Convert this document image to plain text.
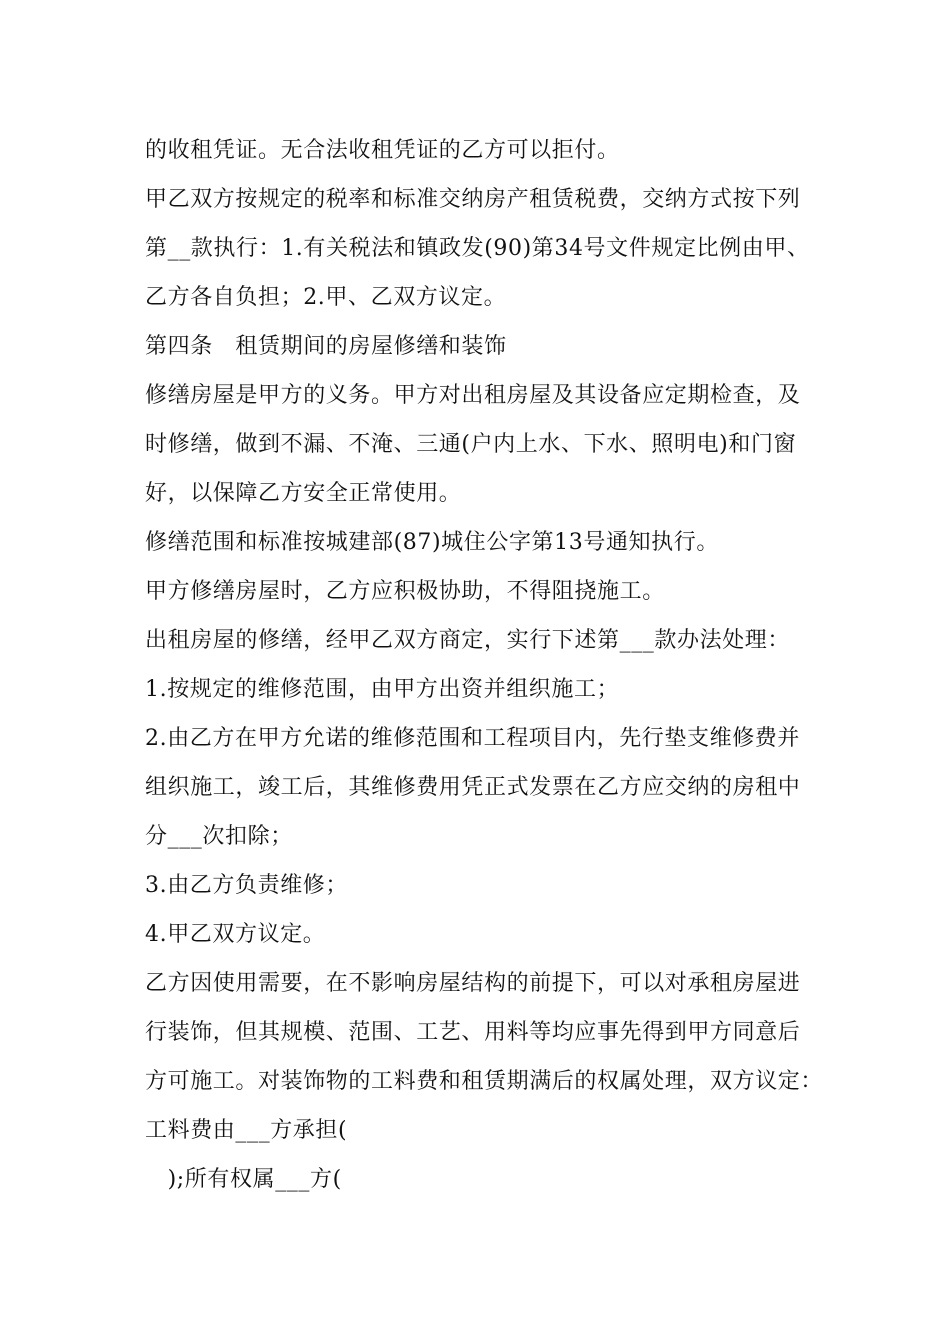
的收租凭证。无合法收租凭证的乙方可以拒付。
甲乙双方按规定的税率和标准交纳房产租赁税费，交纳方式按下列
第__款执行：1.有关税法和镇政发(90)第34号文件规定比例由甲、
乙方各自负担；2.甲、乙双方议定。
第四条　租赁期间的房屋修缮和装饰
修缮房屋是甲方的义务。甲方对出租房屋及其设备应定期检查，及
时修缮，做到不漏、不淹、三通(户内上水、下水、照明电)和门窗
好，以保障乙方安全正常使用。
修缮范围和标准按城建部(87)城住公字第13号通知执行。
甲方修缮房屋时，乙方应积极协助，不得阻挠施工。
出租房屋的修缮，经甲乙双方商定，实行下述第___款办法处理：
1.按规定的维修范围，由甲方出资并组织施工；
2.由乙方在甲方允诺的维修范围和工程项目内，先行垫支维修费并
组织施工，竣工后，其维修费用凭正式发票在乙方应交纳的房租中
分___次扣除；
3.由乙方负责维修；
4.甲乙双方议定。
乙方因使用需要，在不影响房屋结构的前提下，可以对承租房屋进
行装饰，但其规模、范围、工艺、用料等均应事先得到甲方同意后
方可施工。对装饰物的工料费和租赁期满后的权属处理，双方议定：
工料费由___方承担(
　);所有权属___方(
